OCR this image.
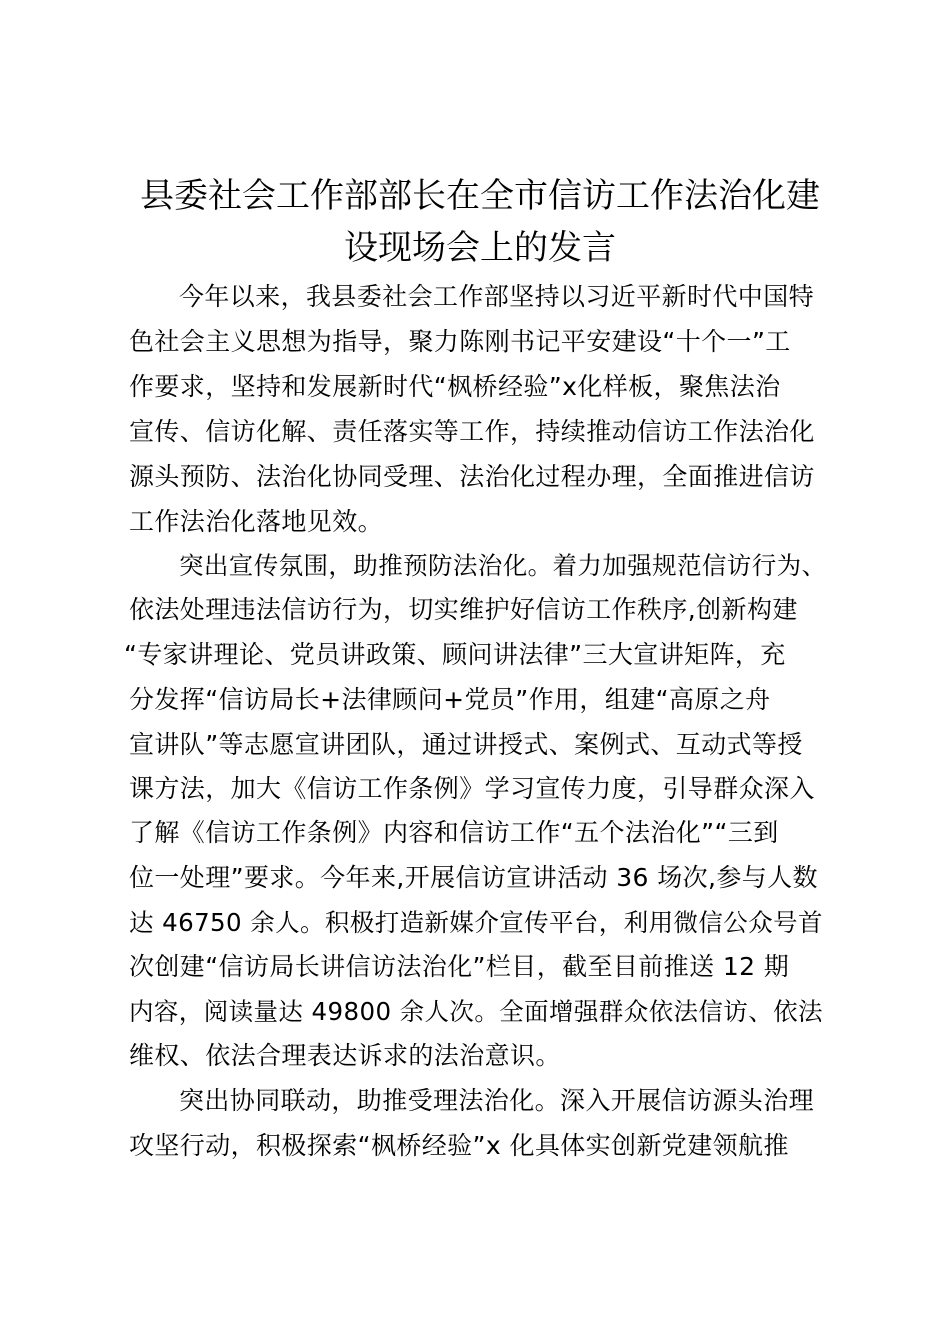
县委社会工作部部长在全市信访工作法治化建
设现场会上的发言

今年以来，我县委社会工作部坚持以习近平新时代中国特

色社会主义思想为指导，聚力陈刚书记平安建设“十个一”工

作要求，坚持和发展新时代“枫桥经验”x化样板，聚焦法治

宣传、信访化解、责任落实等工作，持续推动信访工作法治化

源头预防、法治化协同受理、法治化过程办理，全面推进信访

工作法治化落地见效。

突出宣传氛围，助推预防法治化。着力加强规范信访行为、

依法处理违法信访行为，切实维护好信访工作秩序,创新构建

“专家讲理论、党员讲政策、顾问讲法律”三大宣讲矩阵，充

分发挥“信访局长+法律顾问+党员”作用，组建“高原之舟

宣讲队”等志愿宣讲团队，通过讲授式、案例式、互动式等授

课方法，加大《信访工作条例》学习宣传力度，引导群众深入

了解《信访工作条例》内容和信访工作“五个法治化”“三到

位一处理”要求。今年来,开展信访宣讲活动 36 场次,参与人数

达 46750 余人。积极打造新媒介宣传平台，利用微信公众号首

次创建“信访局长讲信访法治化”栏目，截至目前推送 12 期

内容，阅读量达 49800 余人次。全面增强群众依法信访、依法

维权、依法合理表达诉求的法治意识。

突出协同联动，助推受理法治化。深入开展信访源头治理

攻坚行动，积极探索“枫桥经验”x 化具体实创新党建领航推
